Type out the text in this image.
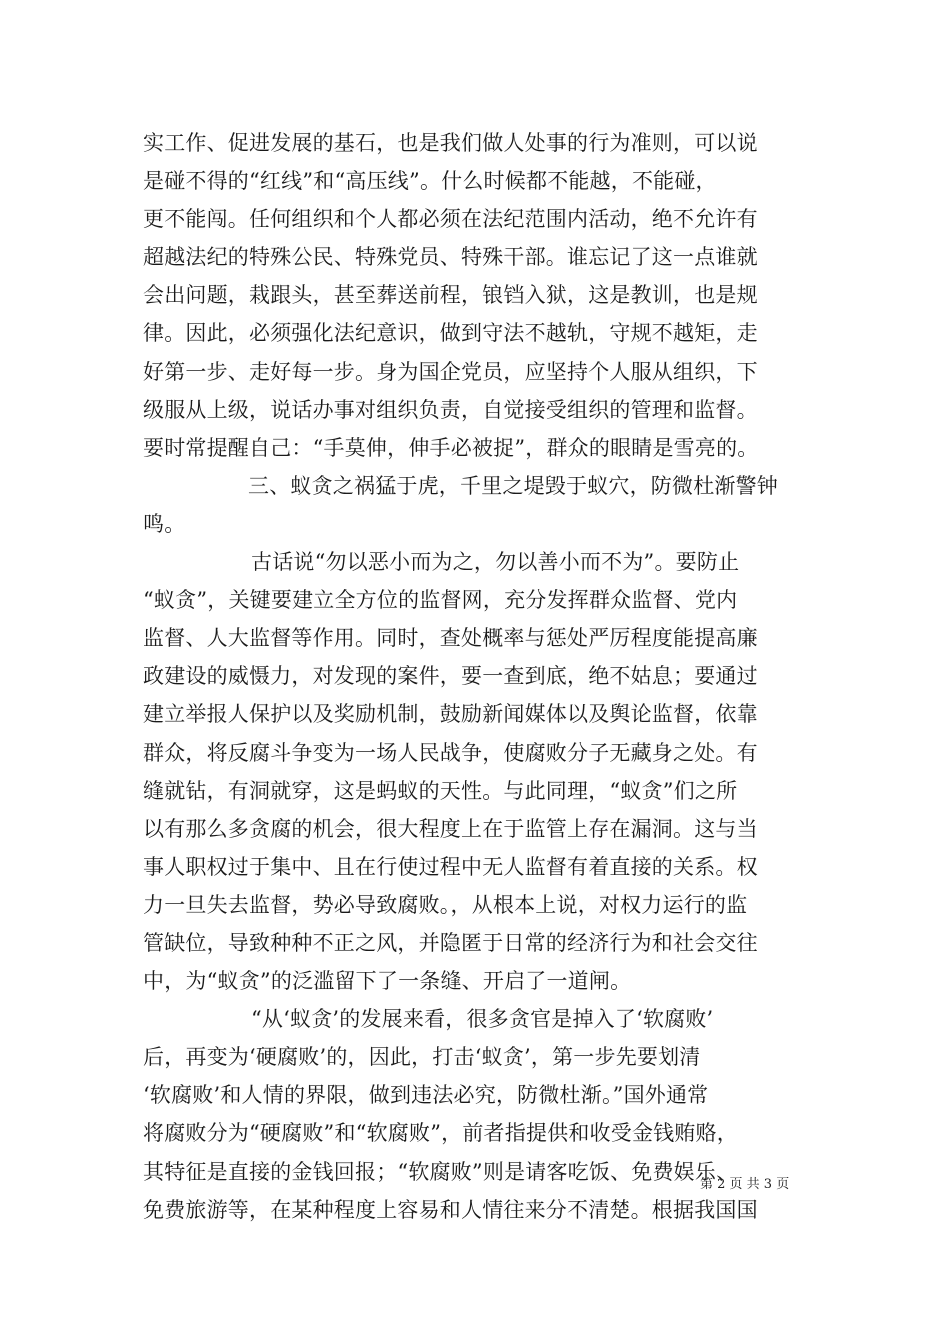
实工作、促进发展的基石，也是我们做人处事的行为准则，可以说
是碰不得的“红线”和“高压线”。什么时候都不能越，不能碰，
更不能闯。任何组织和个人都必须在法纪范围内活动，绝不允许有
超越法纪的特殊公民、特殊党员、特殊干部。谁忘记了这一点谁就
会出问题，栽跟头，甚至葬送前程，锒铛入狱，这是教训，也是规
律。因此，必须强化法纪意识，做到守法不越轨，守规不越矩，走
好第一步、走好每一步。身为国企党员，应坚持个人服从组织，下
级服从上级，说话办事对组织负责，自觉接受组织的管理和监督。
要时常提醒自己：“手莫伸，伸手必被捉”，群众的眼睛是雪亮的。
三、蚁贪之祸猛于虎，千里之堤毁于蚁穴，防微杜渐警钟
鸣。
古话说“勿以恶小而为之，勿以善小而不为”。要防止
“蚁贪”，关键要建立全方位的监督网，充分发挥群众监督、党内
监督、人大监督等作用。同时，查处概率与惩处严厉程度能提高廉
政建设的威慑力，对发现的案件，要一查到底，绝不姑息；要通过
建立举报人保护以及奖励机制，鼓励新闻媒体以及舆论监督，依靠
群众，将反腐斗争变为一场人民战争，使腐败分子无藏身之处。有
缝就钻，有洞就穿，这是蚂蚁的天性。与此同理，“蚁贪”们之所
以有那么多贪腐的机会，很大程度上在于监管上存在漏洞。这与当
事人职权过于集中、且在行使过程中无人监督有着直接的关系。权
力一旦失去监督，势必导致腐败。，从根本上说，对权力运行的监
管缺位，导致种种不正之风，并隐匿于日常的经济行为和社会交往
中，为“蚁贪”的泛滥留下了一条缝、开启了一道闸。
“从‘蚁贪’的发展来看，很多贪官是掉入了‘软腐败’
后，再变为‘硬腐败’的，因此，打击‘蚁贪’，第一步先要划清
‘软腐败’和人情的界限，做到违法必究，防微杜渐。”国外通常
将腐败分为“硬腐败”和“软腐败”，前者指提供和收受金钱贿赂，
其特征是直接的金钱回报；“软腐败”则是请客吃饭、免费娱乐、
免费旅游等，在某种程度上容易和人情往来分不清楚。根据我国国
第 2 页 共 3 页
